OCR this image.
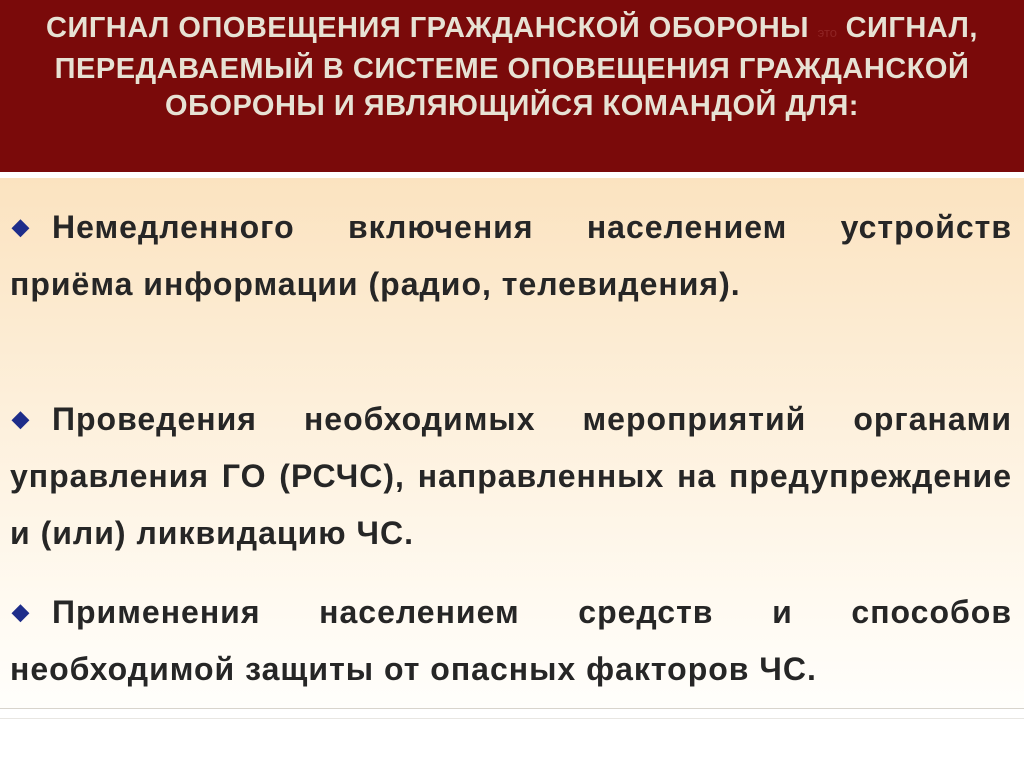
СИГНАЛ ОПОВЕЩЕНИЯ ГРАЖДАНСКОЙ ОБОРОНЫ это СИГНАЛ, ПЕРЕДАВАЕМЫЙ В СИСТЕМЕ ОПОВЕЩЕНИЯ ГРАЖДАНСКОЙ ОБОРОНЫ И ЯВЛЯЮЩИЙСЯ КОМАНДОЙ ДЛЯ:

◆ Немедленного включения населением устройств приёма информации (радио, телевидения).

◆ Проведения необходимых мероприятий органами управления ГО (РСЧС), направленных на предупреждение и (или) ликвидацию ЧС.

◆ Применения населением средств и способов необходимой защиты от опасных факторов ЧС.
